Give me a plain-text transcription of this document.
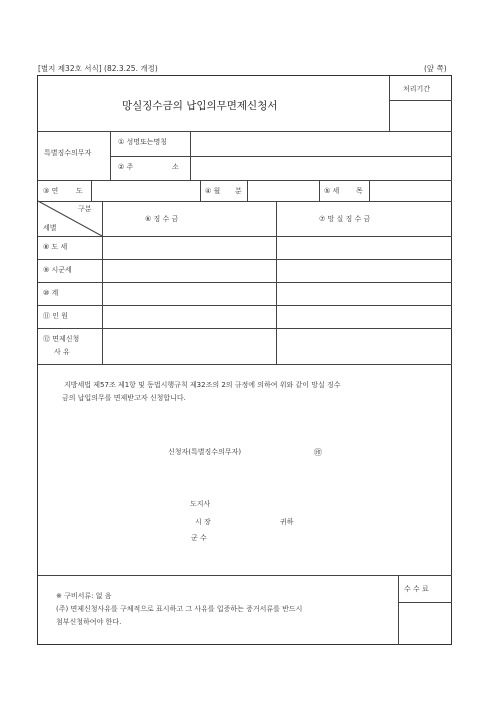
[별지 제32호 서식] (82.3.25. 개정)	(앞 쪽)
망실징수금의 납입의무면제신청서
처리기간
특별징수의무자
① 성명또는명칭
② 주	소
③ 연	도	④ 월 분	⑤ 세 목
구분
세별
⑥ 징 수 금	⑦ 망 실 징 수 금
⑧ 도 세
⑨ 시군세
⑩ 계
⑪ 인 원
⑫ 면제신청
사 유
지방세법 제57조 제1항 및 동법시행규칙 제32조의 2의 규정에 의하여 위와 같이 망실 징수
금의 납입의무를 면제받고자 신청합니다.
신청자(특별징수의무자)	㊞
도지사
시 장
군 수
귀하
수 수 료
※ 구비서류: 없 음
(주) 면제신청사유를 구체적으로 표시하고 그 사유를 입증하는 증거서류를 반드시
첨부신청하여야 한다.
